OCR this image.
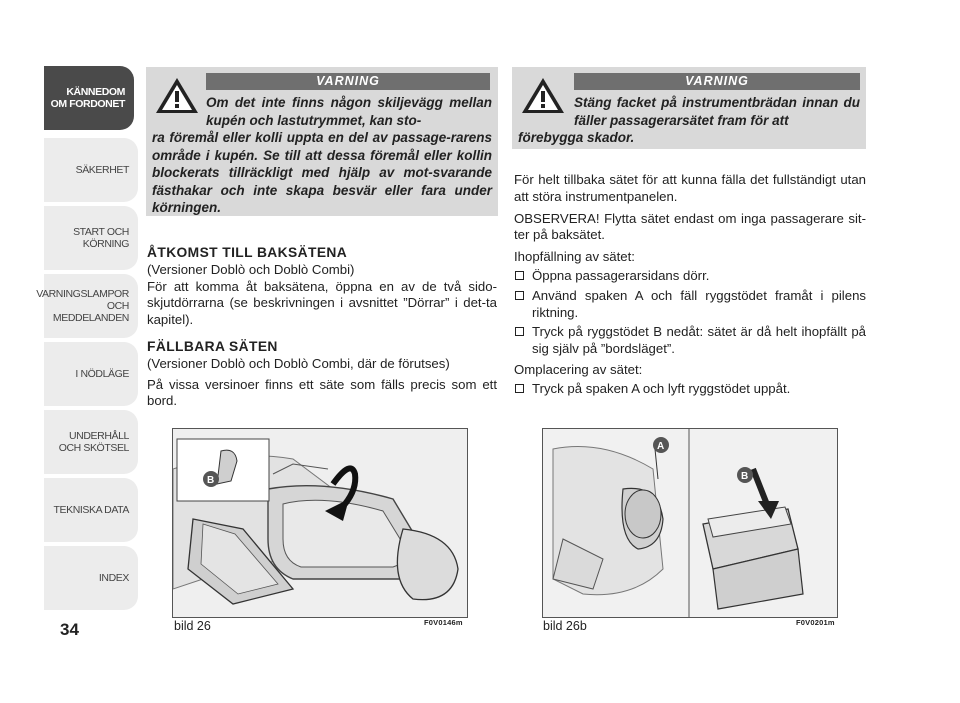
KÄNNEDOM
OM FORDONET
SÄKERHET
START OCH
KÖRNING
VARNINGSLAMPOR
OCH
MEDDELANDEN
I NÖDLÄGE
UNDERHÅLL
OCH SKÖTSEL
TEKNISKA DATA
INDEX
34
VARNING
Om det inte finns någon skiljevägg mellan kupén och lastutrymmet, kan sto-
ra föremål eller kolli uppta en del av passage-rarens område i kupén. Se till att dessa föremål eller kollin blockerats tillräckligt med hjälp av mot-svarande fästhakar och inte skapa besvär eller fara under körningen.
VARNING
Stäng facket på instrumentbrädan innan du fäller passagerarsätet fram för att
förebygga skador.

ÅTKOMST TILL BAKSÄTENA

(Versioner Doblò och Doblò Combi)

För att komma åt baksätena, öppna en av de två sido-skjutdörrarna (se beskrivningen i avsnittet ”Dörrar” i det-ta kapitel).

FÄLLBARA SÄTEN

(Versioner Doblò och Doblò Combi, där de förutses)

På vissa versinoer finns ett säte som fälls precis som ett bord.

För helt tillbaka sätet för att kunna fälla det fullständigt utan att störa instrumentpanelen.

OBSERVERA! Flytta sätet endast om inga passagerare sit-ter på baksätet.

Ihopfällning av sätet:

Öppna passagerarsidans dörr.
Använd spaken A och fäll ryggstödet framåt i pilens riktning.
Tryck på ryggstödet B nedåt: sätet är då helt ihopfällt på sig själv på ”bordsläget”.

Omplacering av sätet:

Tryck på spaken A och lyft ryggstödet uppåt.
B
bild 26	F0V0146m
A
B
bild 26b	F0V0201m
